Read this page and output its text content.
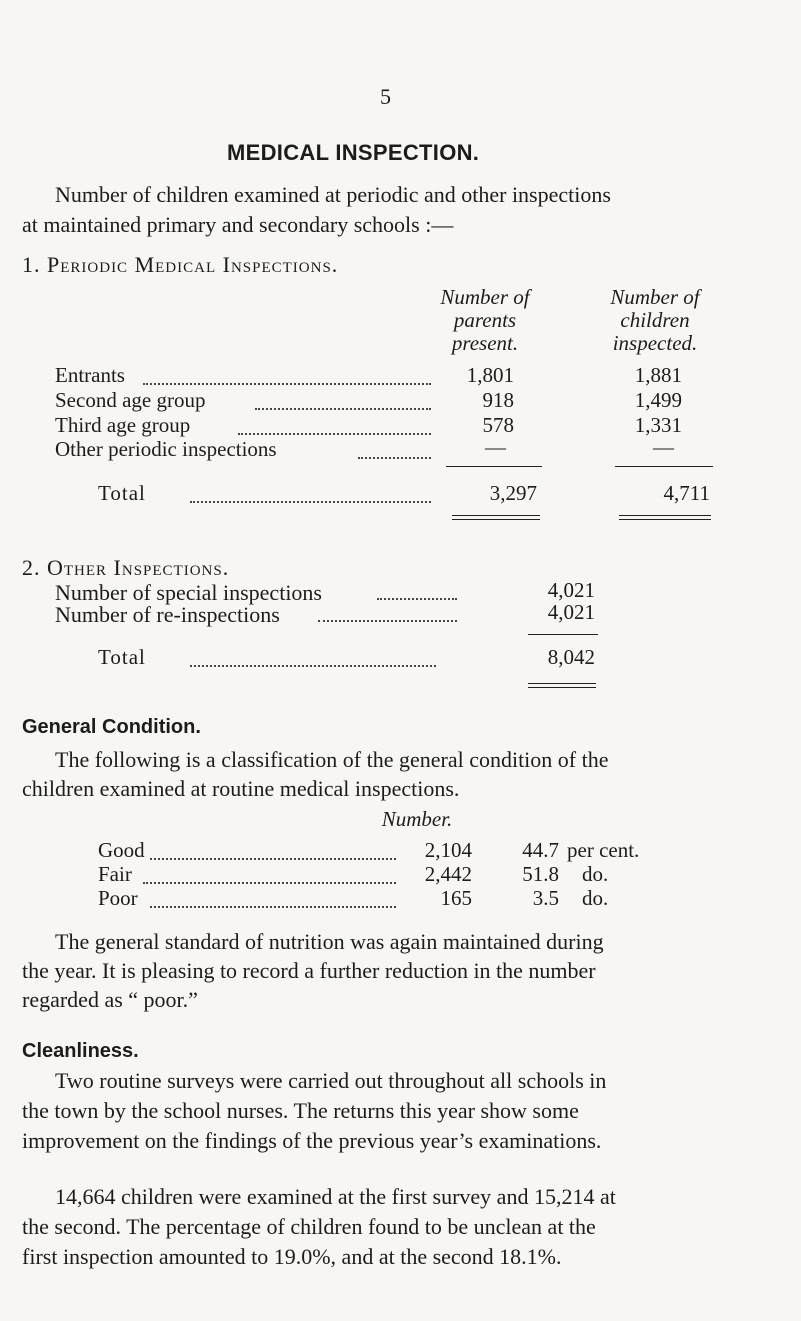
5
MEDICAL INSPECTION.
Number of children examined at periodic and other inspections
at maintained primary and secondary schools :—
1. Periodic Medical Inspections.
Number of
parents
present.
Number of
children
inspected.
Entrants	1,801	1,881
Second age group	918	1,499
Third age group	578	1,331
Other periodic inspections	—	—
Total	3,297	4,711
2. Other Inspections.
Number of special inspections	4,021
Number of re-inspections	4,021
Total	8,042
General Condition.
The following is a classification of the general condition of the
children examined at routine medical inspections.
Number.
Good	2,104	44.7 per cent.
Fair	2,442	51.8 do.
Poor	165	3.5 do.
The general standard of nutrition was again maintained during
the year. It is pleasing to record a further reduction in the number
regarded as “ poor.”
Cleanliness.
Two routine surveys were carried out throughout all schools in
the town by the school nurses. The returns this year show some
improvement on the findings of the previous year’s examinations.
14,664 children were examined at the first survey and 15,214 at
the second. The percentage of children found to be unclean at the
first inspection amounted to 19.0%, and at the second 18.1%.
